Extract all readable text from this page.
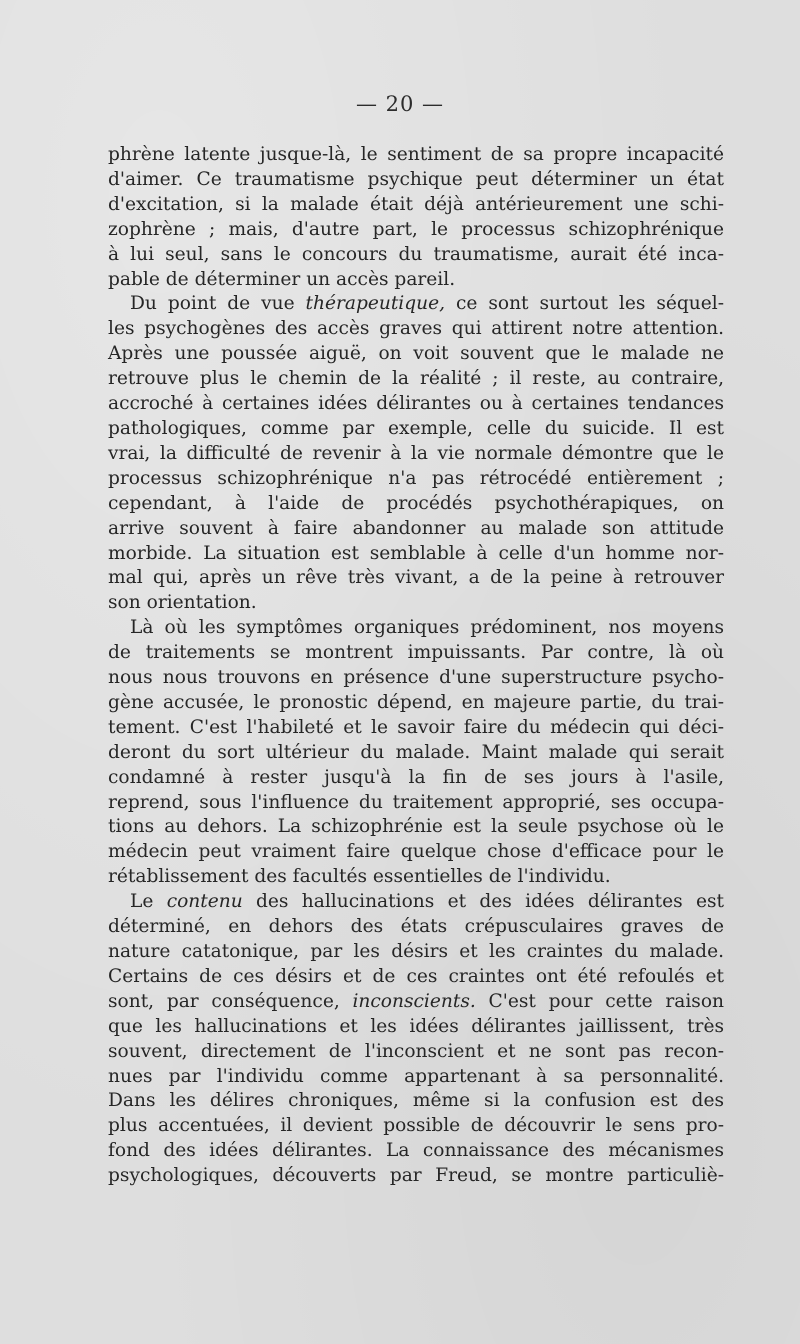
— 20 —
phrène latente jusque-là, le sentiment de sa propre incapacité
d'aimer. Ce traumatisme psychique peut déterminer un état
d'excitation, si la malade était déjà antérieurement une schi-
zophrène ; mais, d'autre part, le processus schizophrénique
à lui seul, sans le concours du traumatisme, aurait été inca-
pable de déterminer un accès pareil.
Du point de vue thérapeutique, ce sont surtout les séquel-
les psychogènes des accès graves qui attirent notre attention.
Après une poussée aiguë, on voit souvent que le malade ne
retrouve plus le chemin de la réalité ; il reste, au contraire,
accroché à certaines idées délirantes ou à certaines tendances
pathologiques, comme par exemple, celle du suicide. Il est
vrai, la difficulté de revenir à la vie normale démontre que le
processus schizophrénique n'a pas rétrocédé entièrement ;
cependant, à l'aide de procédés psychothérapiques, on
arrive souvent à faire abandonner au malade son attitude
morbide. La situation est semblable à celle d'un homme nor-
mal qui, après un rêve très vivant, a de la peine à retrouver
son orientation.
Là où les symptômes organiques prédominent, nos moyens
de traitements se montrent impuissants. Par contre, là où
nous nous trouvons en présence d'une superstructure psycho-
gène accusée, le pronostic dépend, en majeure partie, du trai-
tement. C'est l'habileté et le savoir faire du médecin qui déci-
deront du sort ultérieur du malade. Maint malade qui serait
condamné à rester jusqu'à la fin de ses jours à l'asile,
reprend, sous l'influence du traitement approprié, ses occupa-
tions au dehors. La schizophrénie est la seule psychose où le
médecin peut vraiment faire quelque chose d'efficace pour le
rétablissement des facultés essentielles de l'individu.
Le contenu des hallucinations et des idées délirantes est
déterminé, en dehors des états crépusculaires graves de
nature catatonique, par les désirs et les craintes du malade.
Certains de ces désirs et de ces craintes ont été refoulés et
sont, par conséquence, inconscients. C'est pour cette raison
que les hallucinations et les idées délirantes jaillissent, très
souvent, directement de l'inconscient et ne sont pas recon-
nues par l'individu comme appartenant à sa personnalité.
Dans les délires chroniques, même si la confusion est des
plus accentuées, il devient possible de découvrir le sens pro-
fond des idées délirantes. La connaissance des mécanismes
psychologiques, découverts par Freud, se montre particuliè-
